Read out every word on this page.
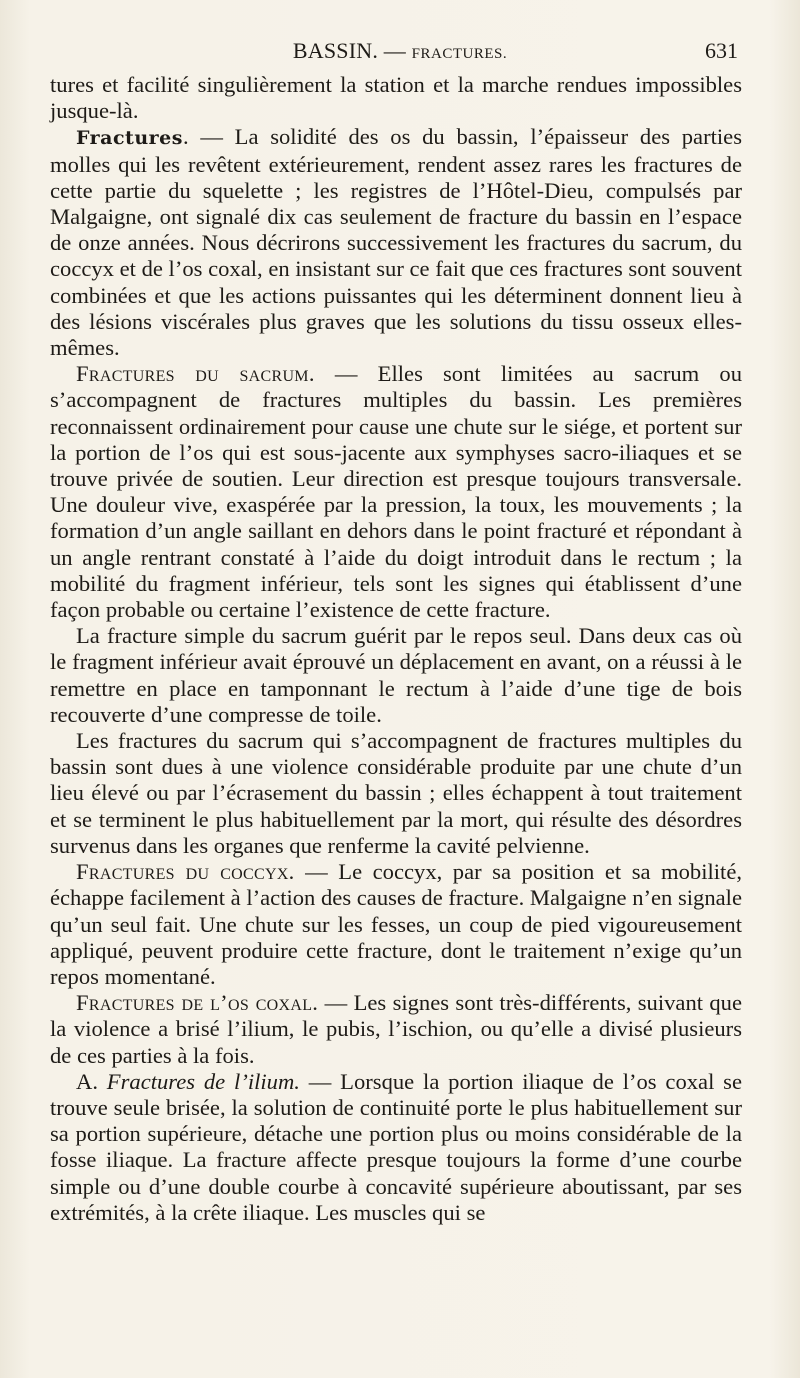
BASSIN. — FRACTURES.	631

tures et facilité singulièrement la station et la marche rendues impossibles jusque-là.

Fractures. — La solidité des os du bassin, l’épaisseur des parties molles qui les revêtent extérieurement, rendent assez rares les fractures de cette partie du squelette ; les registres de l’Hôtel-Dieu, compulsés par Malgaigne, ont signalé dix cas seulement de fracture du bassin en l’espace de onze années. Nous décrirons successivement les fractures du sacrum, du coccyx et de l’os coxal, en insistant sur ce fait que ces fractures sont souvent combinées et que les actions puissantes qui les déterminent donnent lieu à des lésions viscérales plus graves que les solutions du tissu osseux elles-mêmes.

Fractures du sacrum. — Elles sont limitées au sacrum ou s’accompagnent de fractures multiples du bassin. Les premières reconnaissent ordinairement pour cause une chute sur le siége, et portent sur la portion de l’os qui est sous-jacente aux symphyses sacro-iliaques et se trouve privée de soutien. Leur direction est presque toujours transversale. Une douleur vive, exaspérée par la pression, la toux, les mouvements ; la formation d’un angle saillant en dehors dans le point fracturé et répondant à un angle rentrant constaté à l’aide du doigt introduit dans le rectum ; la mobilité du fragment inférieur, tels sont les signes qui établissent d’une façon probable ou certaine l’existence de cette fracture.

La fracture simple du sacrum guérit par le repos seul. Dans deux cas où le fragment inférieur avait éprouvé un déplacement en avant, on a réussi à le remettre en place en tamponnant le rectum à l’aide d’une tige de bois recouverte d’une compresse de toile.

Les fractures du sacrum qui s’accompagnent de fractures multiples du bassin sont dues à une violence considérable produite par une chute d’un lieu élevé ou par l’écrasement du bassin ; elles échappent à tout traitement et se terminent le plus habituellement par la mort, qui résulte des désordres survenus dans les organes que renferme la cavité pelvienne.

Fractures du coccyx. — Le coccyx, par sa position et sa mobilité, échappe facilement à l’action des causes de fracture. Malgaigne n’en signale qu’un seul fait. Une chute sur les fesses, un coup de pied vigoureusement appliqué, peuvent produire cette fracture, dont le traitement n’exige qu’un repos momentané.

Fractures de l’os coxal. — Les signes sont très-différents, suivant que la violence a brisé l’ilium, le pubis, l’ischion, ou qu’elle a divisé plusieurs de ces parties à la fois.

A. Fractures de l’ilium. — Lorsque la portion iliaque de l’os coxal se trouve seule brisée, la solution de continuité porte le plus habituellement sur sa portion supérieure, détache une portion plus ou moins considérable de la fosse iliaque. La fracture affecte presque toujours la forme d’une courbe simple ou d’une double courbe à concavité supérieure aboutissant, par ses extrémités, à la crête iliaque. Les muscles qui se
